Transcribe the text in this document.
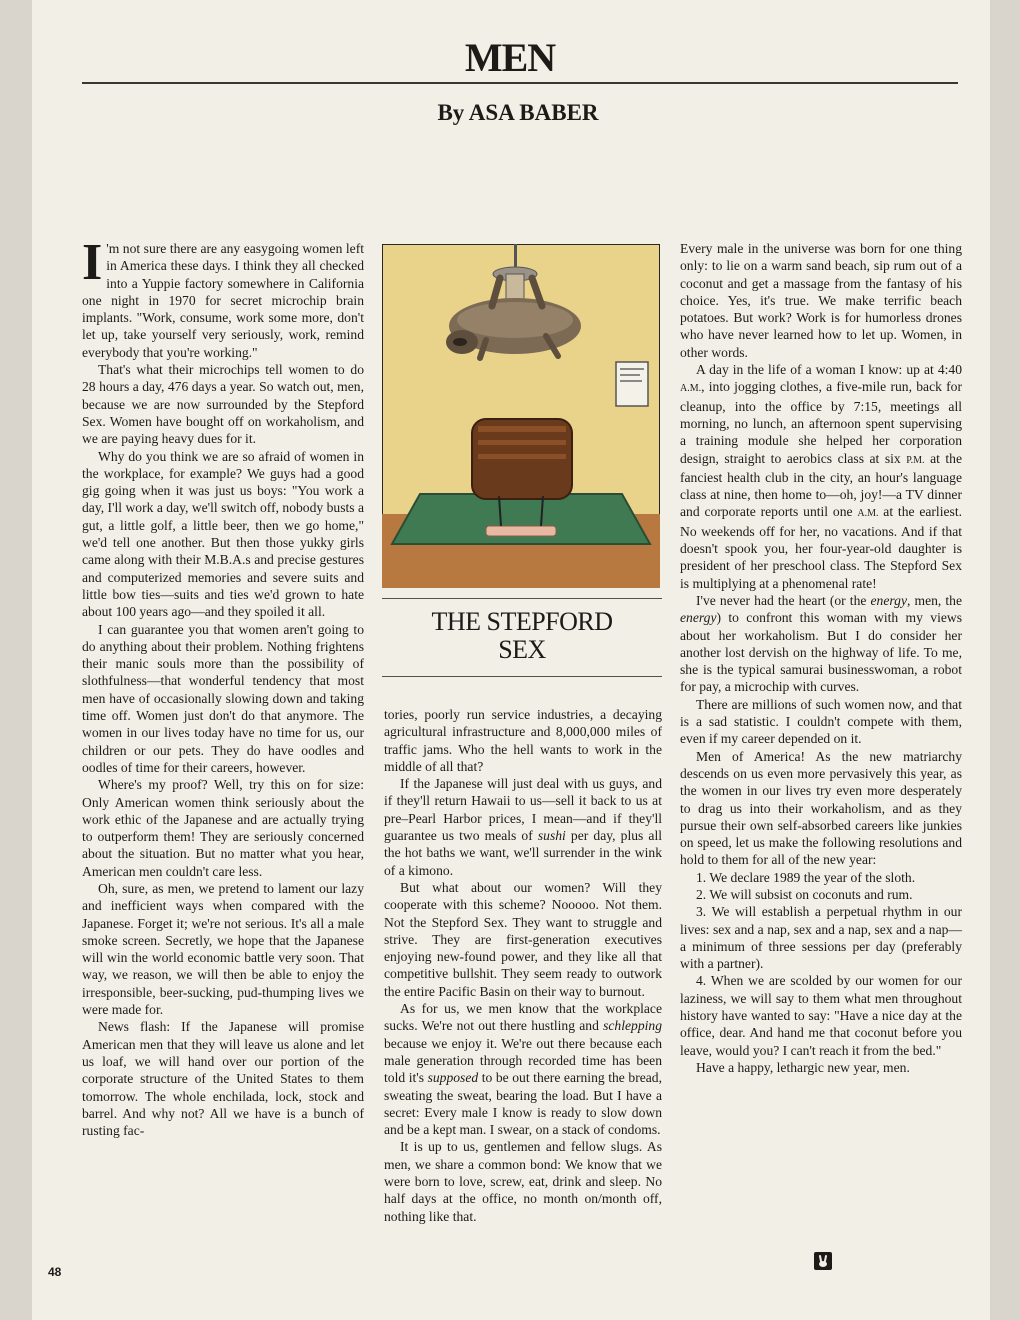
MEN
By ASA BABER

I 'm not sure there are any easygoing women left in America these days. I think they all checked into a Yuppie factory somewhere in California one night in 1970 for secret microchip brain implants. "Work, consume, work some more, don't let up, take yourself very seriously, work, remind everybody that you're working."

That's what their microchips tell women to do 28 hours a day, 476 days a year. So watch out, men, because we are now surrounded by the Stepford Sex. Women have bought off on workaholism, and we are paying heavy dues for it.

Why do you think we are so afraid of women in the workplace, for example? We guys had a good gig going when it was just us boys: "You work a day, I'll work a day, we'll switch off, nobody busts a gut, a little golf, a little beer, then we go home," we'd tell one another. But then those yukky girls came along with their M.B.A.s and precise gestures and computerized memories and severe suits and little bow ties—suits and ties we'd grown to hate about 100 years ago—and they spoiled it all.

I can guarantee you that women aren't going to do anything about their problem. Nothing frightens their manic souls more than the possibility of slothfulness—that wonderful tendency that most men have of occasionally slowing down and taking time off. Women just don't do that anymore. The women in our lives today have no time for us, our children or our pets. They do have oodles and oodles of time for their careers, however.

Where's my proof? Well, try this on for size: Only American women think seriously about the work ethic of the Japanese and are actually trying to outperform them! They are seriously concerned about the situation. But no matter what you hear, American men couldn't care less.

Oh, sure, as men, we pretend to lament our lazy and inefficient ways when compared with the Japanese. Forget it; we're not serious. It's all a male smoke screen. Secretly, we hope that the Japanese will win the world economic battle very soon. That way, we reason, we will then be able to enjoy the irresponsible, beer-sucking, pud-thumping lives we were made for.

News flash: If the Japanese will promise American men that they will leave us alone and let us loaf, we will hand over our portion of the corporate structure of the United States to them tomorrow. The whole enchilada, lock, stock and barrel. And why not? All we have is a bunch of rusting fac-

THE STEPFORD
SEX

tories, poorly run service industries, a decaying agricultural infrastructure and 8,000,000 miles of traffic jams. Who the hell wants to work in the middle of all that?

If the Japanese will just deal with us guys, and if they'll return Hawaii to us—sell it back to us at pre–Pearl Harbor prices, I mean—and if they'll guarantee us two meals of sushi per day, plus all the hot baths we want, we'll surrender in the wink of a kimono.

But what about our women? Will they cooperate with this scheme? Nooooo. Not them. Not the Stepford Sex. They want to struggle and strive. They are first-generation executives enjoying new-found power, and they like all that competitive bullshit. They seem ready to outwork the entire Pacific Basin on their way to burnout.

As for us, we men know that the workplace sucks. We're not out there hustling and schlepping because we enjoy it. We're out there because each male generation through recorded time has been told it's supposed to be out there earning the bread, sweating the sweat, bearing the load. But I have a secret: Every male I know is ready to slow down and be a kept man. I swear, on a stack of condoms.

It is up to us, gentlemen and fellow slugs. As men, we share a common bond: We know that we were born to love, screw, eat, drink and sleep. No half days at the office, no month on/month off, nothing like that.

Every male in the universe was born for one thing only: to lie on a warm sand beach, sip rum out of a coconut and get a massage from the fantasy of his choice. Yes, it's true. We make terrific beach potatoes. But work? Work is for humorless drones who have never learned how to let up. Women, in other words.

A day in the life of a woman I know: up at 4:40 A.M., into jogging clothes, a five-mile run, back for cleanup, into the office by 7:15, meetings all morning, no lunch, an afternoon spent supervising a training module she helped her corporation design, straight to aerobics class at six P.M. at the fanciest health club in the city, an hour's language class at nine, then home to—oh, joy!—a TV dinner and corporate reports until one A.M. at the earliest. No weekends off for her, no vacations. And if that doesn't spook you, her four-year-old daughter is president of her preschool class. The Stepford Sex is multiplying at a phenomenal rate!

I've never had the heart (or the energy, men, the energy) to confront this woman with my views about her workaholism. But I do consider her another lost dervish on the highway of life. To me, she is the typical samurai businesswoman, a robot for pay, a microchip with curves.

There are millions of such women now, and that is a sad statistic. I couldn't compete with them, even if my career depended on it.

Men of America! As the new matriarchy descends on us even more pervasively this year, as the women in our lives try even more desperately to drag us into their workaholism, and as they pursue their own self-absorbed careers like junkies on speed, let us make the following resolutions and hold to them for all of the new year:

1. We declare 1989 the year of the sloth.

2. We will subsist on coconuts and rum.

3. We will establish a perpetual rhythm in our lives: sex and a nap, sex and a nap, sex and a nap—a minimum of three sessions per day (preferably with a partner).

4. When we are scolded by our women for our laziness, we will say to them what men throughout history have wanted to say: "Have a nice day at the office, dear. And hand me that coconut before you leave, would you? I can't reach it from the bed."

Have a happy, lethargic new year, men.

48
